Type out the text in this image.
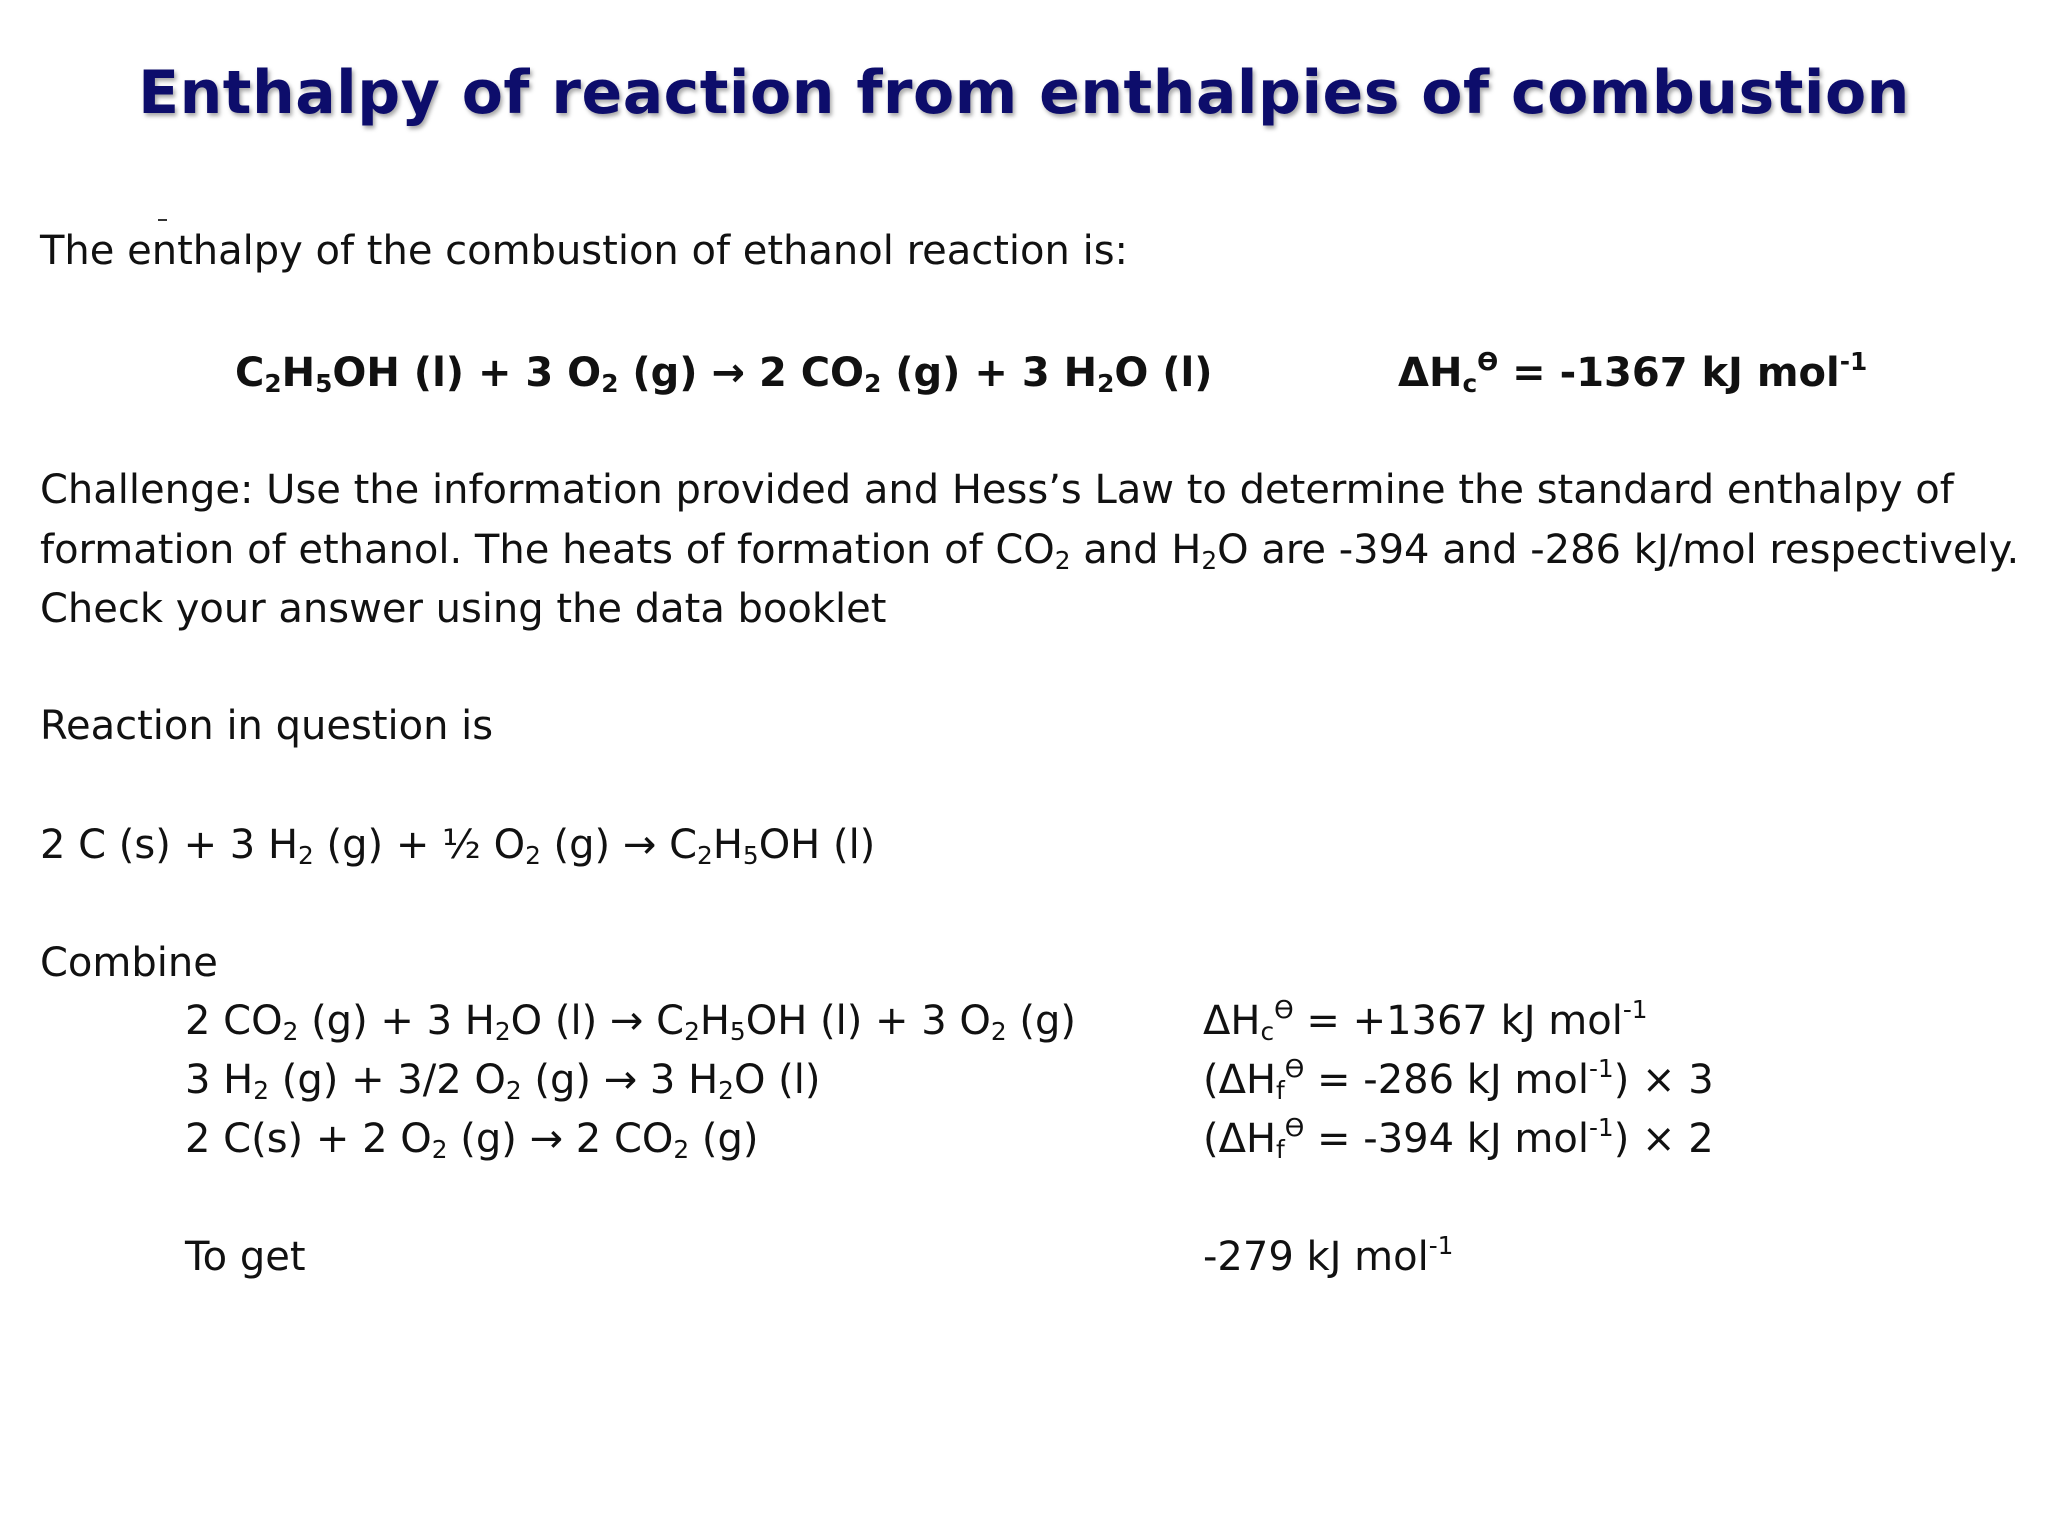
Enthalpy of reaction from enthalpies of combustion
The enthalpy of the combustion of ethanol reaction is:
$C_2H_5OH$ (l) + 3 $O_2$ (g) → 2 $CO_2$ (g) + 3 $H_2O$ (l)	$\Delta H_c^ϴ = -1367$ kJ mol$^{-1}$
Challenge: Use the information provided and Hess’s Law to determine the standard enthalpy of
formation of ethanol. The heats of formation of $CO_2$ and $H_2O$ are -394 and -286 kJ/mol respectively.
Check your answer using the data booklet
Reaction in question is
2 C (s) + 3 $H_2$ (g) + ½ $O_2$ $(g) \to C_2H_5OH$ (l)
Combine
2 $CO_2$ (g) + 3 $H_2O$ $(l) \to C_2H_5OH$ (l) + 3 $O_2$ (g)	$\Delta H_c^ϴ = +1367$ kJ mol$^{-1}$
3 $H_2$ (g) + 3/2 $O_2$ (g) → 3 $H_2O$ (l)	($\Delta H_f^ϴ = -286$ kJ mol$^{-1}$) × 3
2 C(s) + 2 $O_2$ (g) → 2 $CO_2$ (g)	($\Delta H_f^ϴ = -394$ kJ mol$^{-1}$) × 2
To get	-279 kJ mol$^{-1}$
